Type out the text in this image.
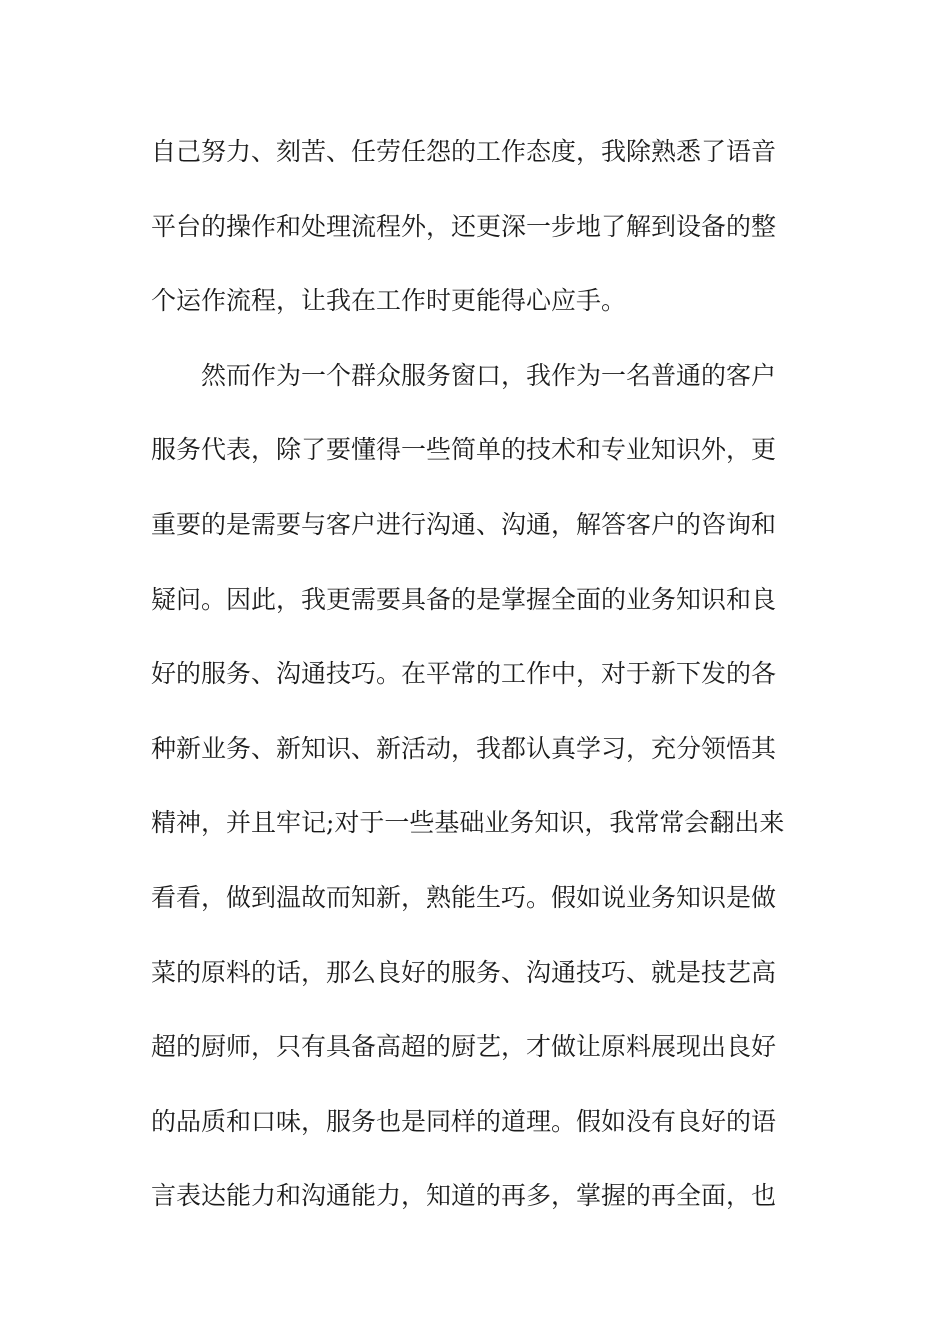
自己努力、刻苦、任劳任怨的工作态度，我除熟悉了语音
平台的操作和处理流程外，还更深一步地了解到设备的整
个运作流程，让我在工作时更能得心应手。
然而作为一个群众服务窗口，我作为一名普通的客户
服务代表，除了要懂得一些简单的技术和专业知识外，更
重要的是需要与客户进行沟通、沟通，解答客户的咨询和
疑问。因此，我更需要具备的是掌握全面的业务知识和良
好的服务、沟通技巧。在平常的工作中，对于新下发的各
种新业务、新知识、新活动，我都认真学习，充分领悟其
精神，并且牢记;对于一些基础业务知识，我常常会翻出来
看看，做到温故而知新，熟能生巧。假如说业务知识是做
菜的原料的话，那么良好的服务、沟通技巧、就是技艺高
超的厨师，只有具备高超的厨艺，才做让原料展现出良好
的品质和口味，服务也是同样的道理。假如没有良好的语
言表达能力和沟通能力，知道的再多，掌握的再全面，也
